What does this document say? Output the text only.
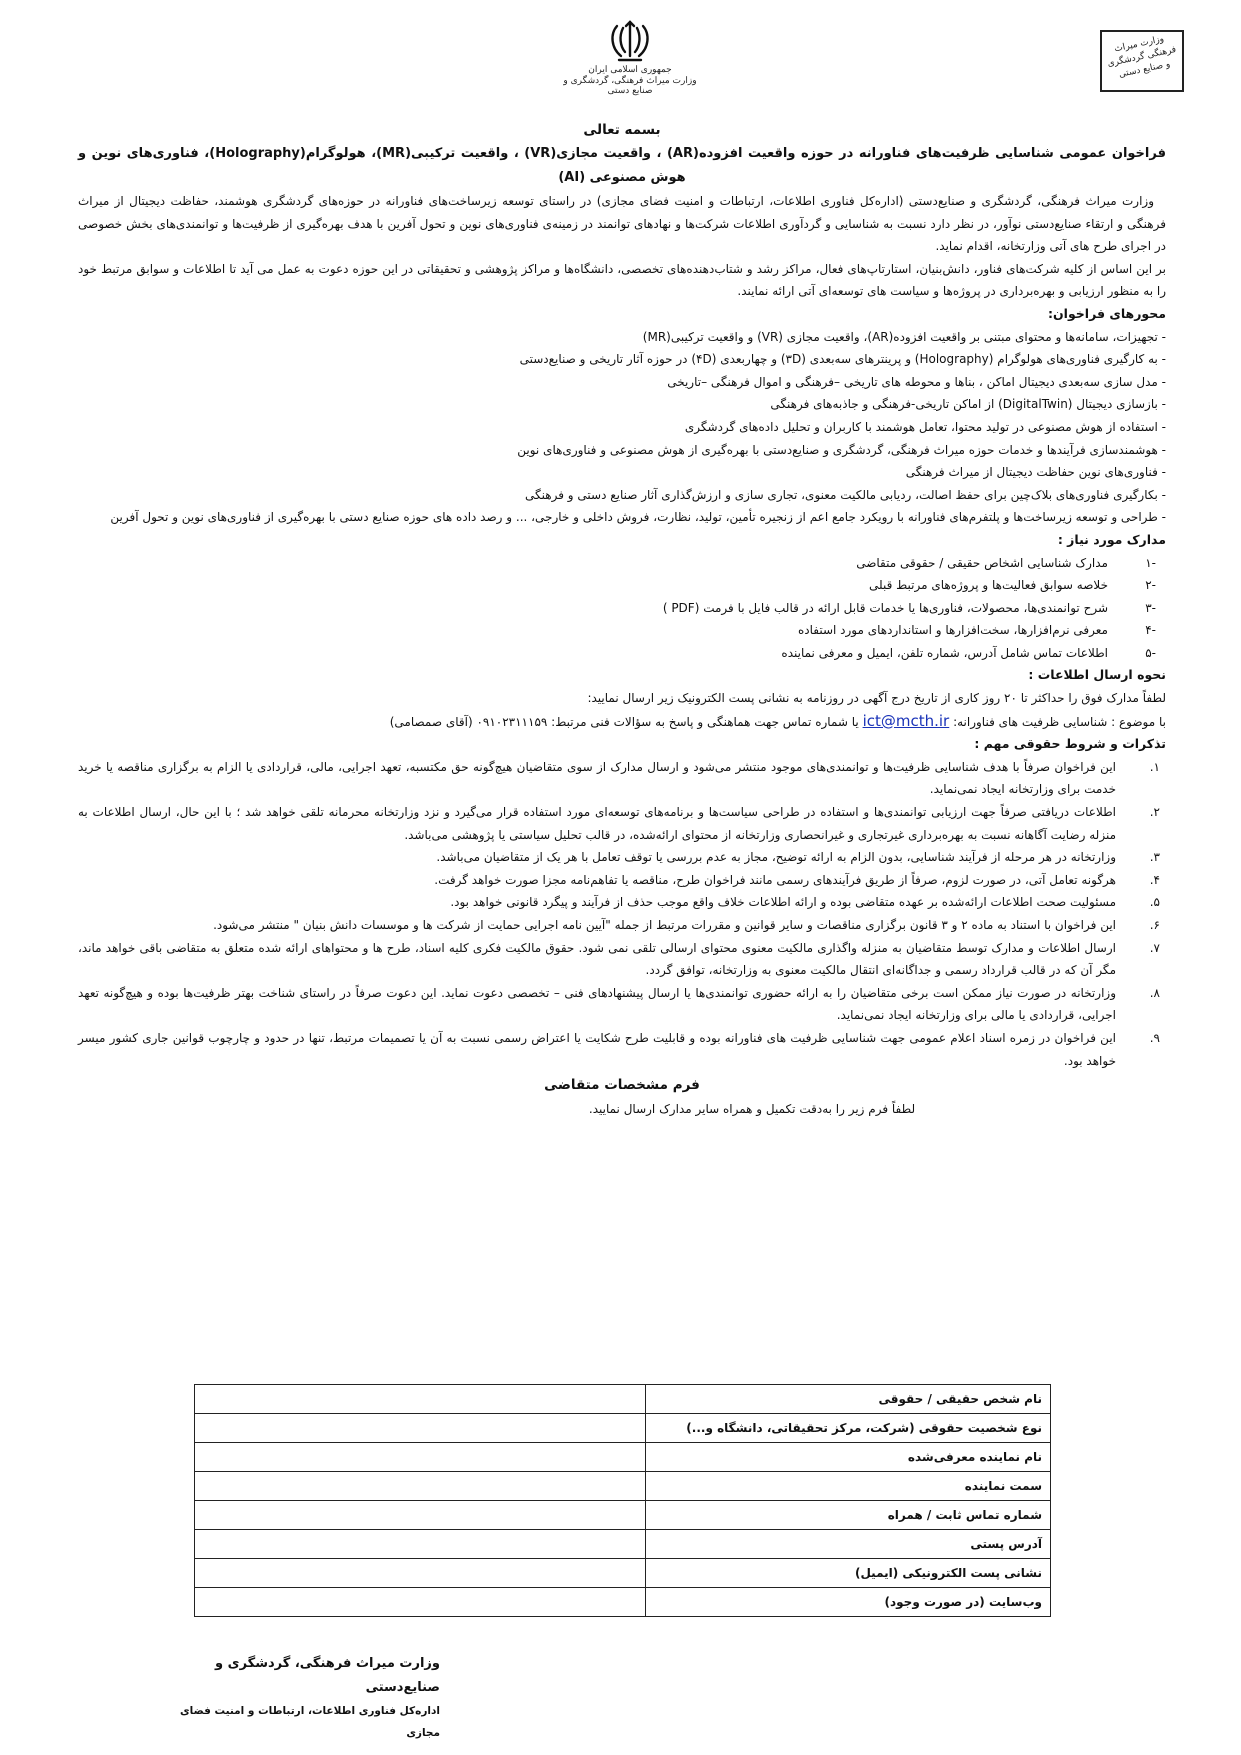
جمهوری اسلامی ایران
وزارت میراث فرهنگی، گردشگری و صنایع دستی
وزارت میراث فرهنگی گردشگری و صنایع دستی

بسمه تعالی

فراخوان عمومی شناسایی ظرفیت‌های فناورانه در حوزه واقعیت افزوده(AR) ، واقعیت مجازی(VR) ، واقعیت ترکیبی(MR)، هولوگرام(Holography)، فناوری‌های نوین و هوش مصنوعی (AI)

وزارت میراث فرهنگی، گردشگری و صنایع‌دستی (اداره‌کل فناوری اطلاعات، ارتباطات و امنیت فضای مجازی) در راستای توسعه زیرساخت‌های فناورانه در حوزه‌های گردشگری هوشمند، حفاظت دیجیتال از میراث فرهنگی و ارتقاء صنایع‌دستی نوآور، در نظر دارد نسبت به شناسایی و گردآوری اطلاعات شرکت‌ها و نهادهای توانمند در زمینه‌ی فناوری‌های نوین و تحول آفرین با هدف بهره‌گیری از ظرفیت‌ها و توانمندی‌های بخش خصوصی در اجرای طرح های آتی وزارتخانه، اقدام نماید.

بر این اساس از کلیه شرکت‌های فناور، دانش‌بنیان، استارتاپ‌های فعال، مراکز رشد و شتاب‌دهنده‌های تخصصی، دانشگاه‌ها و مراکز پژوهشی و تحقیقاتی در این حوزه دعوت به عمل می آید تا اطلاعات و سوابق مرتبط خود را به منظور ارزیابی و بهره‌برداری در پروژه‌ها و سیاست های توسعه‌ای آتی ارائه نمایند.

محورهای فراخوان:

- تجهیزات، سامانه‌ها و محتوای مبتنی بر واقعیت افزوده(AR)، واقعیت مجازی (VR) و واقعیت ترکیبی(MR)

- به کارگیری فناوری‌های هولوگرام (Holography) و پرینترهای سه‌بعدی (۳D) و چهاربعدی (۴D) در حوزه آثار تاریخی و صنایع‌دستی

- مدل سازی سه‌بعدی دیجیتال اماکن ، بناها و محوطه های تاریخی –فرهنگی و اموال فرهنگی –تاریخی

- بازسازی دیجیتال (DigitalTwin) از اماکن تاریخی-فرهنگی و جاذبه‌های فرهنگی

- استفاده از هوش مصنوعی در تولید محتوا، تعامل هوشمند با کاربران و تحلیل داده‌های گردشگری

- هوشمندسازی فرآیندها و خدمات حوزه میراث فرهنگی، گردشگری و صنایع‌دستی با بهره‌گیری از هوش مصنوعی و فناوری‌های نوین

- فناوری‌های نوین حفاظت دیجیتال از میراث فرهنگی

- بکارگیری فناوری‌های بلاک‌چین برای حفظ اصالت، ردیابی مالکیت معنوی، تجاری سازی و ارزش‌گذاری آثار صنایع دستی و فرهنگی

- طراحی و توسعه زیرساخت‌ها و پلتفرم‌های فناورانه با رویکرد جامع اعم از زنجیره تأمین، تولید، نظارت، فروش داخلی و خارجی، ... و رصد داده های حوزه صنایع دستی با بهره‌گیری از فناوری‌های نوین و تحول آفرین

مدارک مورد نیاز :

-۱
مدارک شناسایی اشخاص حقیقی / حقوقی متقاضی
-۲
خلاصه سوابق فعالیت‌ها و پروژه‌های مرتبط قبلی
-۳
شرح توانمندی‌ها، محصولات، فناوری‌ها یا خدمات قابل ارائه در قالب فایل با فرمت (PDF )
-۴
معرفی نرم‌افزارها، سخت‌افزارها و استانداردهای مورد استفاده
-۵
اطلاعات تماس شامل آدرس، شماره تلفن، ایمیل و معرفی نماینده

نحوه ارسال اطلاعات :

لطفاً مدارک فوق را حداکثر تا ۲۰ روز کاری از تاریخ درج آگهی در روزنامه به نشانی پست الکترونیک زیر ارسال نمایید:

با موضوع : شناسایی ظرفیت های فناورانه: ict@mcth.ir یا شماره تماس جهت هماهنگی و پاسخ به سؤالات فنی مرتبط: ۰۹۱۰۲۳۱۱۱۵۹ (آقای صمصامی)

تذکرات و شروط حقوقی مهم :

۱.
این فراخوان صرفاً با هدف شناسایی ظرفیت‌ها و توانمندی‌های موجود منتشر می‌شود و ارسال مدارک از سوی متقاضیان هیچ‌گونه حق مکتسبه، تعهد اجرایی، مالی، قراردادی یا الزام به برگزاری مناقصه یا خرید خدمت برای وزارتخانه ایجاد نمی‌نماید.
۲.
اطلاعات دریافتی صرفاً جهت ارزیابی توانمندی‌ها و استفاده در طراحی سیاست‌ها و برنامه‌های توسعه‌ای مورد استفاده قرار می‌گیرد و نزد وزارتخانه محرمانه تلقی خواهد شد ؛ با این حال، ارسال اطلاعات به منزله رضایت آگاهانه نسبت به بهره‌برداری غیرتجاری و غیرانحصاری وزارتخانه از محتوای ارائه‌شده، در قالب تحلیل سیاستی یا پژوهشی می‌باشد.
۳.
وزارتخانه در هر مرحله از فرآیند شناسایی، بدون الزام به ارائه توضیح، مجاز به عدم بررسی یا توقف تعامل با هر یک از متقاضیان می‌باشد.
۴.
هرگونه تعامل آتی، در صورت لزوم، صرفاً از طریق فرآیندهای رسمی مانند فراخوان طرح، مناقصه یا تفاهم‌نامه مجزا صورت خواهد گرفت.
۵.
مسئولیت صحت اطلاعات ارائه‌شده بر عهده متقاضی بوده و ارائه اطلاعات خلاف واقع موجب حذف از فرآیند و پیگرد قانونی خواهد بود.
۶.
این فراخوان با استناد به ماده ۲ و ۳ قانون برگزاری مناقصات و سایر قوانین و مقررات مرتبط از جمله "آیین نامه اجرایی حمایت از شرکت ها و موسسات دانش بنیان " منتشر می‌شود.
۷.
ارسال اطلاعات و مدارک توسط متقاضیان به منزله واگذاری مالکیت معنوی محتوای ارسالی تلقی نمی شود. حقوق مالکیت فکری کلیه اسناد، طرح ها و محتواهای ارائه شده متعلق به متقاضی باقی خواهد ماند، مگر آن که در قالب قرارداد رسمی و جداگانه‌ای انتقال مالکیت معنوی به وزارتخانه، توافق گردد.
۸.
وزارتخانه در صورت نیاز ممکن است برخی متقاضیان را به ارائه حضوری توانمندی‌ها یا ارسال پیشنهادهای فنی – تخصصی دعوت نماید. این دعوت صرفاً در راستای شناخت بهتر ظرفیت‌ها بوده و هیچ‌گونه تعهد اجرایی، قراردادی یا مالی برای وزارتخانه ایجاد نمی‌نماید.
۹.
این فراخوان در زمره اسناد اعلام عمومی جهت شناسایی ظرفیت های فناورانه بوده و قابلیت طرح شکایت یا اعتراض رسمی نسبت به آن یا تصمیمات مرتبط، تنها در حدود و چارچوب قوانین جاری کشور میسر خواهد بود.

فرم مشخصات متقاضی

لطفاً فرم زیر را به‌دقت تکمیل و همراه سایر مدارک ارسال نمایید.

نام شخص حقیقی / حقوقی	
نوع شخصیت حقوقی (شرکت، مرکز تحقیقاتی، دانشگاه و...)	
نام نماینده معرفی‌شده	
سمت نماینده	
شماره تماس ثابت / همراه	
آدرس پستی	
نشانی پست الکترونیکی (ایمیل)	
وب‌سایت (در صورت وجود)	
وزارت میراث فرهنگی، گردشگری و صنایع‌دستی
اداره‌کل فناوری اطلاعات، ارتباطات و امنیت فضای مجازی
